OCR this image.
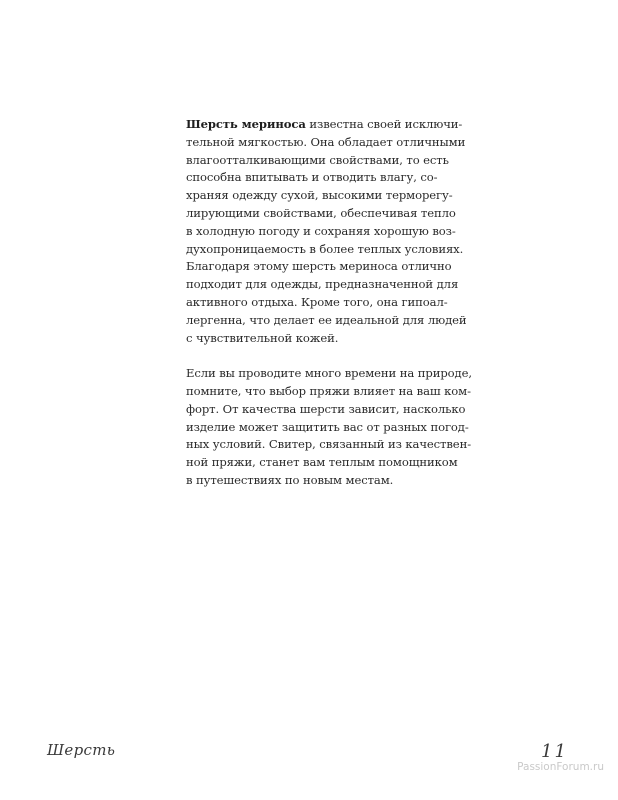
Шерсть мериноса известна своей исключи-
тельной мягкостью. Она обладает отличными
влагоотталкивающими свойствами, то есть
способна впитывать и отводить влагу, со-
храняя одежду сухой, высокими терморегу-
лирующими свойствами, обеспечивая тепло
в холодную погоду и сохраняя хорошую воз-
духопроницаемость в более теплых условиях.
Благодаря этому шерсть мериноса отлично
подходит для одежды, предназначенной для
активного отдыха. Кроме того, она гипоал-
лергенна, что делает ее идеальной для людей
с чувствительной кожей.

Если вы проводите много времени на природе,
помните, что выбор пряжи влияет на ваш ком-
форт. От качества шерсти зависит, насколько
изделие может защитить вас от разных погод-
ных условий. Свитер, связанный из качествен-
ной пряжи, станет вам теплым помощником
в путешествиях по новым местам.

Шерсть	11
PassionForum.ru
